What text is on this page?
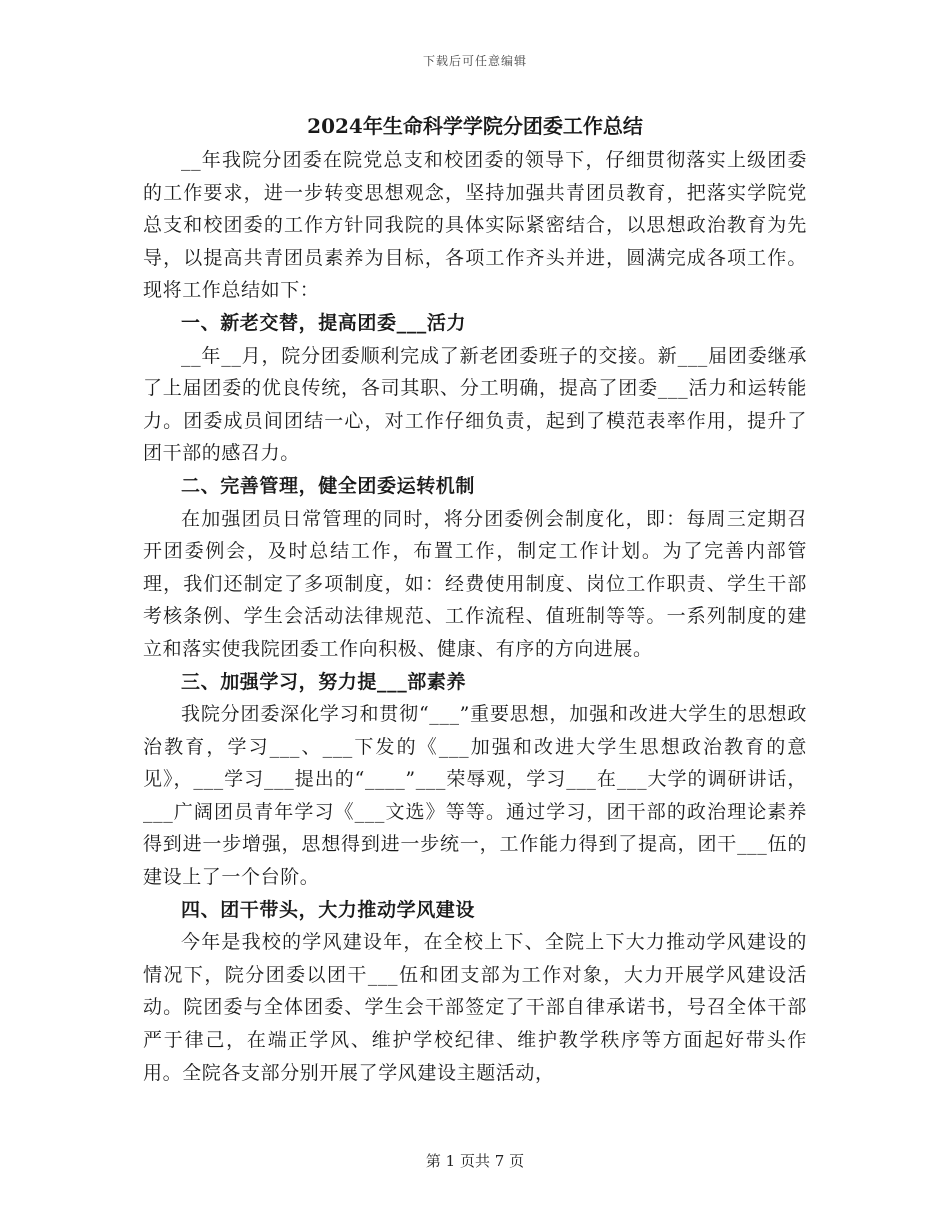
下载后可任意编辑
2024年生命科学学院分团委工作总结

__年我院分团委在院党总支和校团委的领导下，仔细贯彻落实上级团委的工作要求，进一步转变思想观念，坚持加强共青团员教育，把落实学院党总支和校团委的工作方针同我院的具体实际紧密结合，以思想政治教育为先导，以提高共青团员素养为目标，各项工作齐头并进，圆满完成各项工作。现将工作总结如下：

一、新老交替，提高团委___活力

__年__月，院分团委顺利完成了新老团委班子的交接。新___届团委继承了上届团委的优良传统，各司其职、分工明确，提高了团委___活力和运转能力。团委成员间团结一心，对工作仔细负责，起到了模范表率作用，提升了团干部的感召力。

二、完善管理，健全团委运转机制

在加强团员日常管理的同时，将分团委例会制度化，即：每周三定期召开团委例会，及时总结工作，布置工作，制定工作计划。为了完善内部管理，我们还制定了多项制度，如：经费使用制度、岗位工作职责、学生干部考核条例、学生会活动法律规范、工作流程、值班制等等。一系列制度的建立和落实使我院团委工作向积极、健康、有序的方向进展。

三、加强学习，努力提___部素养

我院分团委深化学习和贯彻“___”重要思想，加强和改进大学生的思想政治教育，学习___、___下发的《___加强和改进大学生思想政治教育的意见》，___学习___提出的“____”___荣辱观，学习___在___大学的调研讲话，___广阔团员青年学习《___文选》等等。通过学习，团干部的政治理论素养得到进一步增强，思想得到进一步统一，工作能力得到了提高，团干___伍的建设上了一个台阶。

四、团干带头，大力推动学风建设

今年是我校的学风建设年，在全校上下、全院上下大力推动学风建设的情况下，院分团委以团干___伍和团支部为工作对象，大力开展学风建设活动。院团委与全体团委、学生会干部签定了干部自律承诺书，号召全体干部严于律己，在端正学风、维护学校纪律、维护教学秩序等方面起好带头作用。全院各支部分别开展了学风建设主题活动，

第 1 页共 7 页
